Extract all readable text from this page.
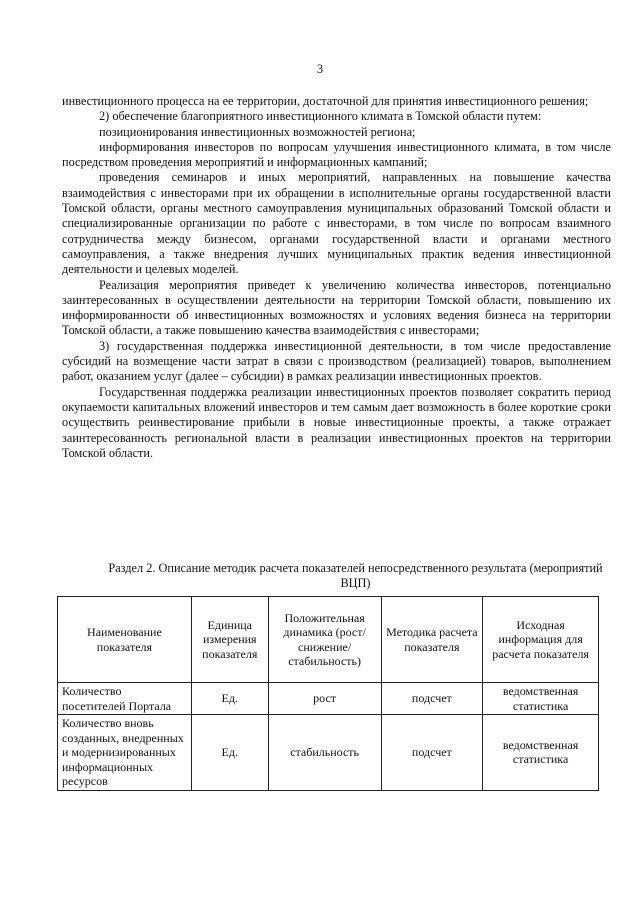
3

инвестиционного процесса на ее территории, достаточной для принятия инвестиционного решения;

2) обеспечение благоприятного инвестиционного климата в Томской области путем:

позиционирования инвестиционных возможностей региона;

информирования инвесторов по вопросам улучшения инвестиционного климата, в том числе посредством проведения мероприятий и информационных кампаний;

проведения семинаров и иных мероприятий, направленных на повышение качества взаимодействия с инвесторами при их обращении в исполнительные органы государственной власти Томской области, органы местного самоуправления муниципальных образований Томской области и специализированные организации по работе с инвесторами, в том числе по вопросам взаимного сотрудничества между бизнесом, органами государственной власти и органами местного самоуправления, а также внедрения лучших муниципальных практик ведения инвестиционной деятельности и целевых моделей.

Реализация мероприятия приведет к увеличению количества инвесторов, потенциально заинтересованных в осуществлении деятельности на территории Томской области, повышению их информированности об инвестиционных возможностях и условиях ведения бизнеса на территории Томской области, а также повышению качества взаимодействия с инвесторами;

3) государственная поддержка инвестиционной деятельности, в том числе предоставление субсидий на возмещение части затрат в связи с производством (реализацией) товаров, выполнением работ, оказанием услуг (далее – субсидии) в рамках реализации инвестиционных проектов.

Государственная поддержка реализации инвестиционных проектов позволяет сократить период окупаемости капитальных вложений инвесторов и тем самым дает возможность в более короткие сроки осуществить реинвестирование прибыли в новые инвестиционные проекты, а также отражает заинтересованность региональной власти в реализации инвестиционных проектов на территории Томской области.

Раздел 2. Описание методик расчета показателей непосредственного результата (мероприятий ВЦП)
Наименование показателя	Единица измерения показателя	Положительная динамика (рост/ снижение/ стабильность)	Методика расчета показателя	Исходная информация для расчета показателя
Количество посетителей Портала	Ед.	рост	подсчет	ведомственная статистика
Количество вновь созданных, внедренных и модернизированных информационных ресурсов	Ед.	стабильность	подсчет	ведомственная статистика
